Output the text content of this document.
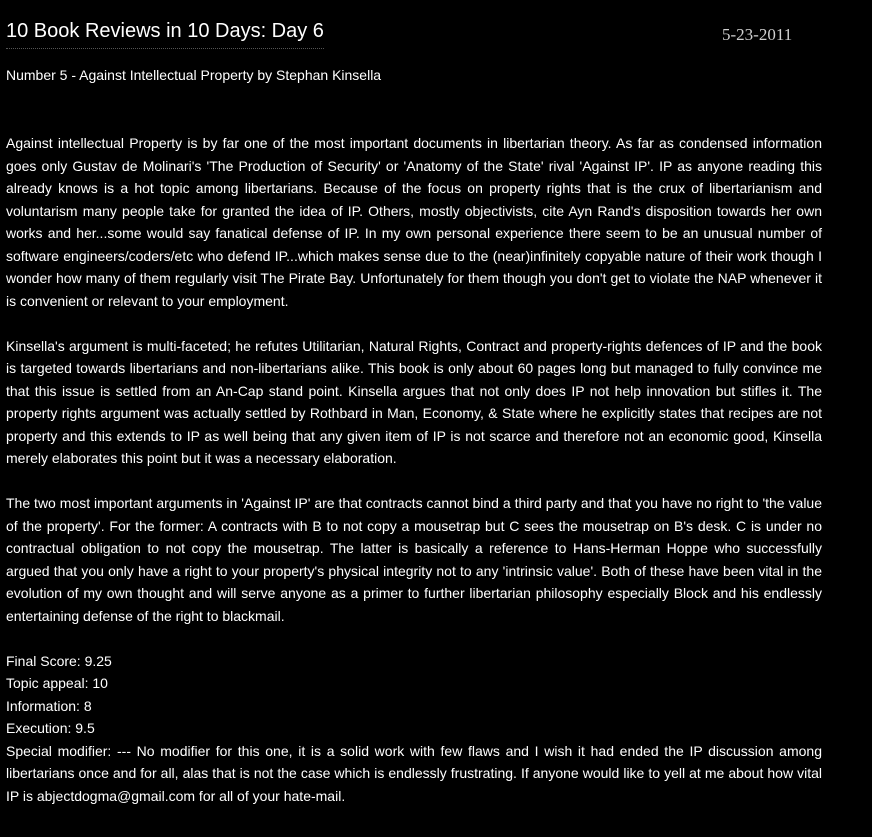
10 Book Reviews in 10 Days: Day 6	5-23-2011
Number 5 - Against Intellectual Property by Stephan Kinsella

Against intellectual Property is by far one of the most important documents in libertarian theory. As far as condensed information goes only Gustav de Molinari's 'The Production of Security' or 'Anatomy of the State' rival 'Against IP'. IP as anyone reading this already knows is a hot topic among libertarians. Because of the focus on property rights that is the crux of libertarianism and voluntarism many people take for granted the idea of IP. Others, mostly objectivists, cite Ayn Rand's disposition towards her own works and her...some would say fanatical defense of IP. In my own personal experience there seem to be an unusual number of software engineers/coders/etc who defend IP...which makes sense due to the (near)infinitely copyable nature of their work though I wonder how many of them regularly visit The Pirate Bay. Unfortunately for them though you don't get to violate the NAP whenever it is convenient or relevant to your employment.

Kinsella's argument is multi-faceted; he refutes Utilitarian, Natural Rights, Contract and property-rights defences of IP and the book is targeted towards libertarians and non-libertarians alike. This book is only about 60 pages long but managed to fully convince me that this issue is settled from an An-Cap stand point. Kinsella argues that not only does IP not help innovation but stifles it. The property rights argument was actually settled by Rothbard in Man, Economy, & State where he explicitly states that recipes are not property and this extends to IP as well being that any given item of IP is not scarce and therefore not an economic good, Kinsella merely elaborates this point but it was a necessary elaboration.

The two most important arguments in 'Against IP' are that contracts cannot bind a third party and that you have no right to 'the value of the property'. For the former: A contracts with B to not copy a mousetrap but C sees the mousetrap on B's desk. C is under no contractual obligation to not copy the mousetrap. The latter is basically a reference to Hans-Herman Hoppe who successfully argued that you only have a right to your property's physical integrity not to any 'intrinsic value'. Both of these have been vital in the evolution of my own thought and will serve anyone as a primer to further libertarian philosophy especially Block and his endlessly entertaining defense of the right to blackmail.

Final Score: 9.25
Topic appeal: 10
Information: 8
Execution: 9.5

Special modifier: --- No modifier for this one, it is a solid work with few flaws and I wish it had ended the IP discussion among libertarians once and for all, alas that is not the case which is endlessly frustrating. If anyone would like to yell at me about how vital IP is abjectdogma@gmail.com for all of your hate-mail.
